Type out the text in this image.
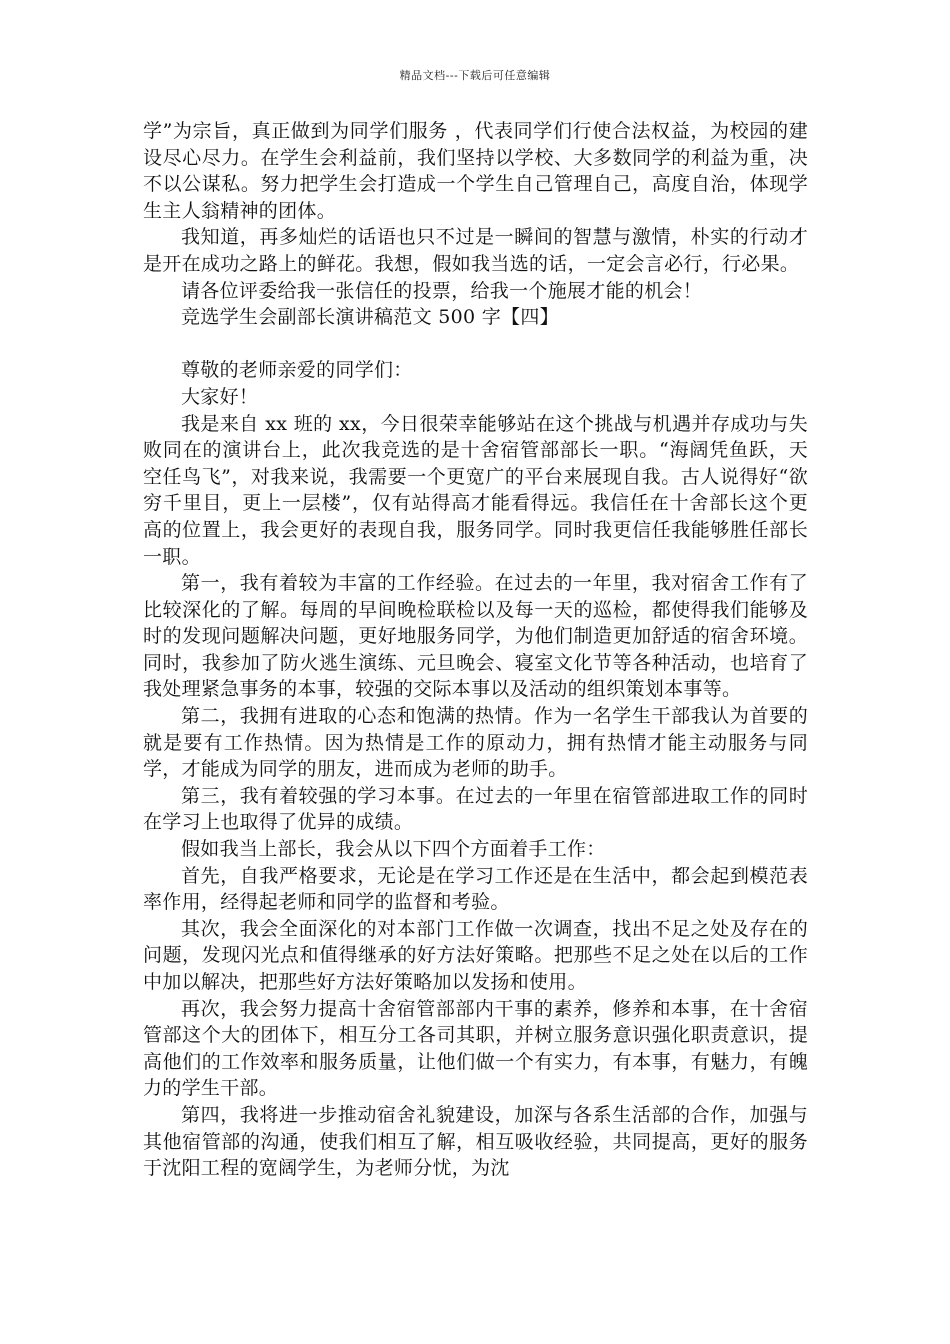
精品文档---下载后可任意编辑

学”为宗旨，真正做到为同学们服务 ，代表同学们行使合法权益，为校园的建设尽心尽力。在学生会利益前，我们坚持以学校、大多数同学的利益为重，决不以公谋私。努力把学生会打造成一个学生自己管理自己，高度自治，体现学生主人翁精神的团体。

我知道，再多灿烂的话语也只不过是一瞬间的智慧与激情，朴实的行动才是开在成功之路上的鲜花。我想，假如我当选的话，一定会言必行，行必果。

请各位评委给我一张信任的投票，给我一个施展才能的机会！

竞选学生会副部长演讲稿范文 500 字【四】

尊敬的老师亲爱的同学们：

大家好！

我是来自 xx 班的 xx，今日很荣幸能够站在这个挑战与机遇并存成功与失败同在的演讲台上，此次我竞选的是十舍宿管部部长一职。“海阔凭鱼跃，天空任鸟飞”，对我来说，我需要一个更宽广的平台来展现自我。古人说得好“欲穷千里目，更上一层楼”，仅有站得高才能看得远。我信任在十舍部长这个更高的位置上，我会更好的表现自我，服务同学。同时我更信任我能够胜任部长一职。

第一，我有着较为丰富的工作经验。在过去的一年里，我对宿舍工作有了比较深化的了解。每周的早间晚检联检以及每一天的巡检，都使得我们能够及时的发现问题解决问题，更好地服务同学，为他们制造更加舒适的宿舍环境。同时，我参加了防火逃生演练、元旦晚会、寝室文化节等各种活动，也培育了我处理紧急事务的本事，较强的交际本事以及活动的组织策划本事等。

第二，我拥有进取的心态和饱满的热情。作为一名学生干部我认为首要的就是要有工作热情。因为热情是工作的原动力，拥有热情才能主动服务与同学，才能成为同学的朋友，进而成为老师的助手。

第三，我有着较强的学习本事。在过去的一年里在宿管部进取工作的同时在学习上也取得了优异的成绩。

假如我当上部长，我会从以下四个方面着手工作：

首先，自我严格要求，无论是在学习工作还是在生活中，都会起到模范表率作用，经得起老师和同学的监督和考验。

其次，我会全面深化的对本部门工作做一次调查，找出不足之处及存在的问题，发现闪光点和值得继承的好方法好策略。把那些不足之处在以后的工作中加以解决，把那些好方法好策略加以发扬和使用。

再次，我会努力提高十舍宿管部部内干事的素养，修养和本事，在十舍宿管部这个大的团体下，相互分工各司其职，并树立服务意识强化职责意识，提高他们的工作效率和服务质量，让他们做一个有实力，有本事，有魅力，有魄力的学生干部。

第四，我将进一步推动宿舍礼貌建设，加深与各系生活部的合作，加强与其他宿管部的沟通，使我们相互了解，相互吸收经验，共同提高，更好的服务于沈阳工程的宽阔学生，为老师分忧，为沈
